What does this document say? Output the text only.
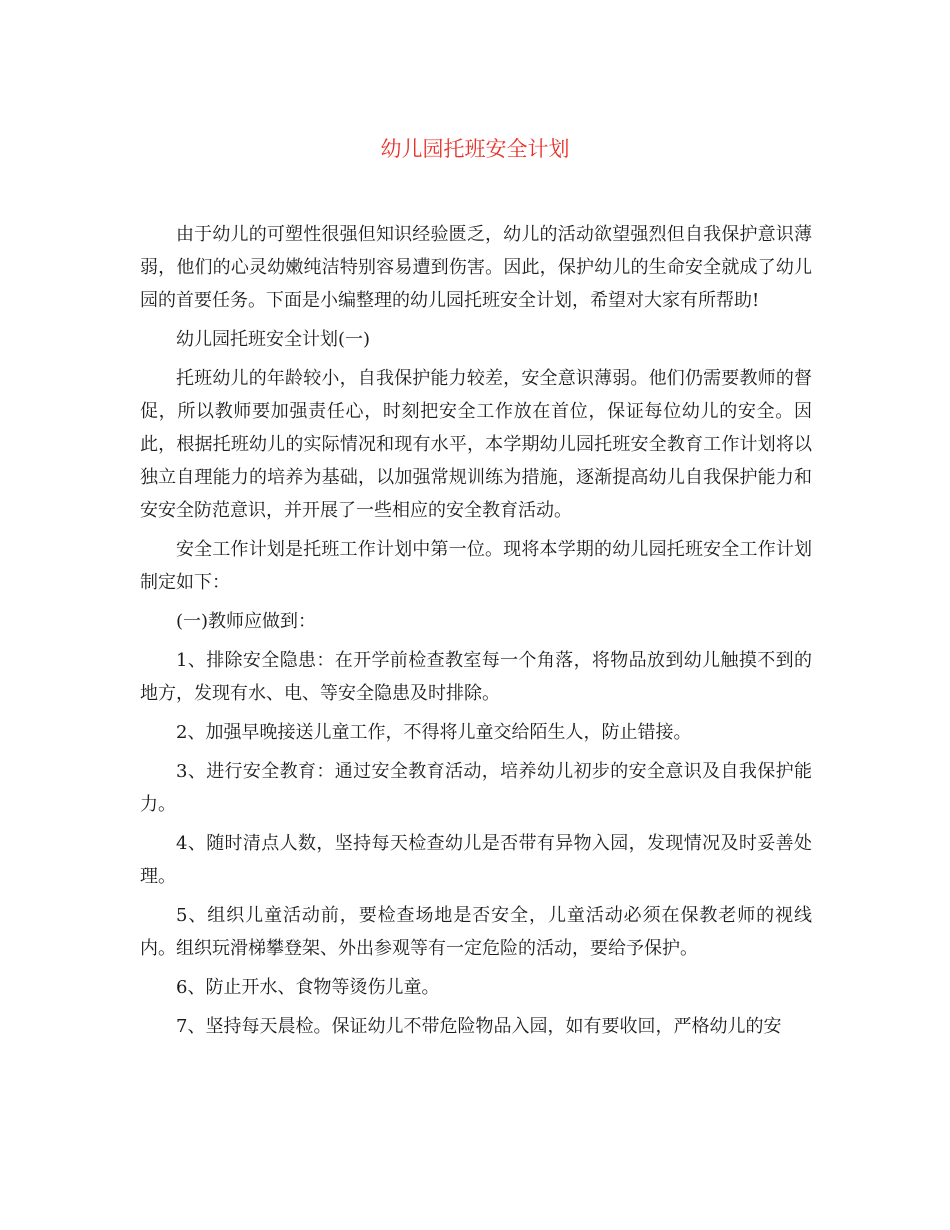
幼儿园托班安全计划

由于幼儿的可塑性很强但知识经验匮乏，幼儿的活动欲望强烈但自我保护意识薄弱，他们的心灵幼嫩纯洁特别容易遭到伤害。因此，保护幼儿的生命安全就成了幼儿园的首要任务。下面是小编整理的幼儿园托班安全计划，希望对大家有所帮助!

幼儿园托班安全计划(一)

托班幼儿的年龄较小，自我保护能力较差，安全意识薄弱。他们仍需要教师的督促，所以教师要加强责任心，时刻把安全工作放在首位，保证每位幼儿的安全。因此，根据托班幼儿的实际情况和现有水平，本学期幼儿园托班安全教育工作计划将以独立自理能力的培养为基础，以加强常规训练为措施，逐渐提高幼儿自我保护能力和安安全防范意识，并开展了一些相应的安全教育活动。

安全工作计划是托班工作计划中第一位。现将本学期的幼儿园托班安全工作计划制定如下：

(一)教师应做到：

1、排除安全隐患：在开学前检查教室每一个角落，将物品放到幼儿触摸不到的地方，发现有水、电、等安全隐患及时排除。

2、加强早晚接送儿童工作，不得将儿童交给陌生人，防止错接。

3、进行安全教育：通过安全教育活动，培养幼儿初步的安全意识及自我保护能力。

4、随时清点人数，坚持每天检查幼儿是否带有异物入园，发现情况及时妥善处理。

5、组织儿童活动前，要检查场地是否安全，儿童活动必须在保教老师的视线内。组织玩滑梯攀登架、外出参观等有一定危险的活动，要给予保护。

6、防止开水、食物等烫伤儿童。

7、坚持每天晨检。保证幼儿不带危险物品入园，如有要收回，严格幼儿的安
